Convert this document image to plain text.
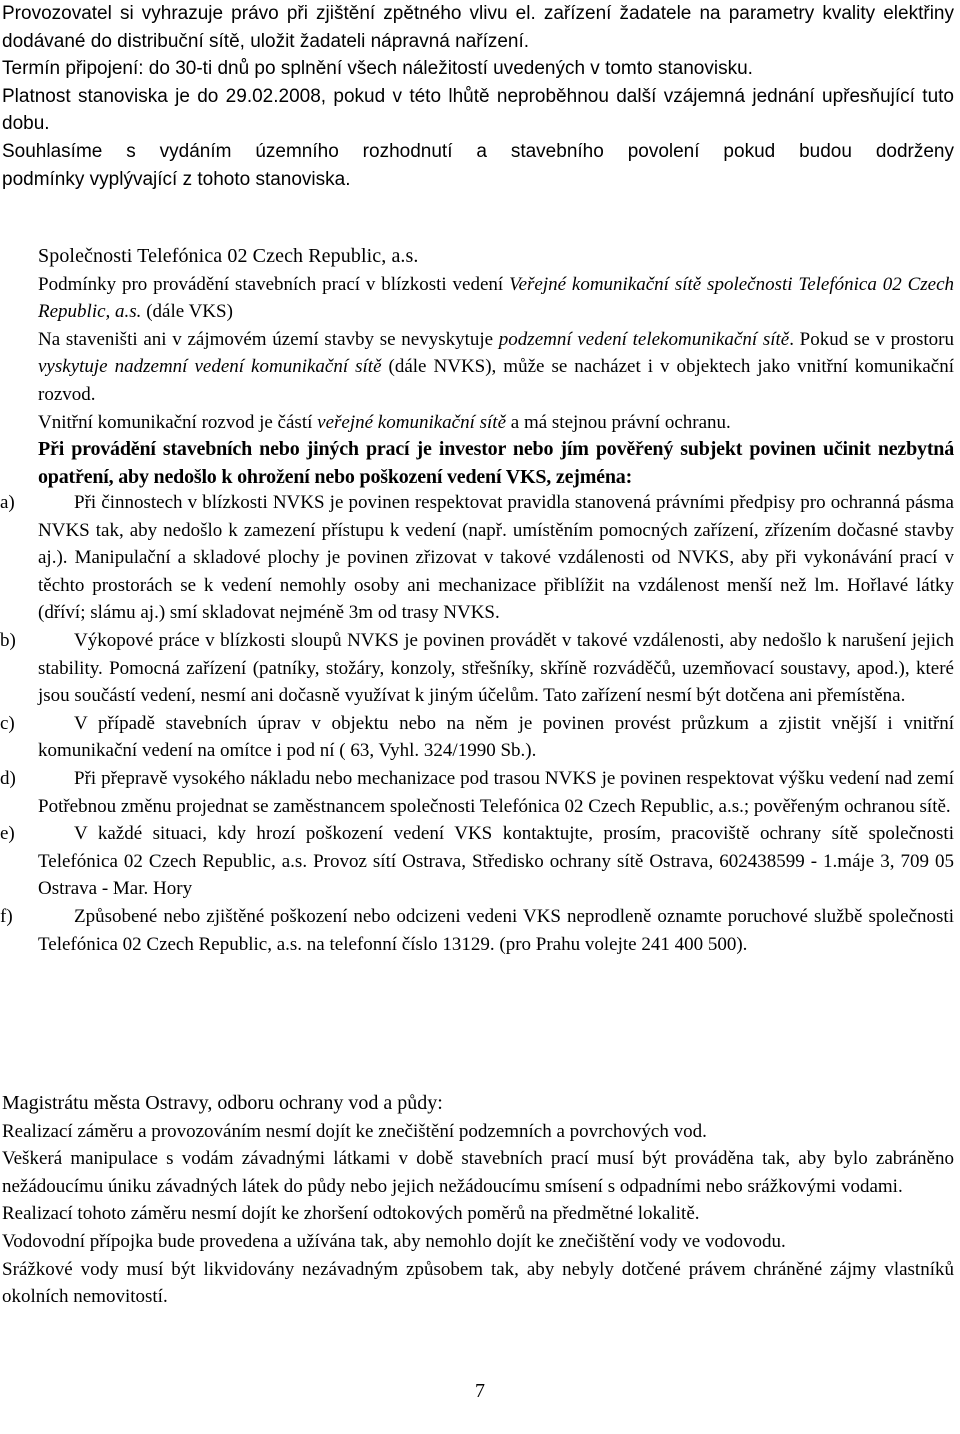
Provozovatel si vyhrazuje právo při zjištění zpětného vlivu el. zařízení žadatele na parametry kvality elektřiny dodávané do distribuční sítě, uložit žadateli nápravná nařízení.

Termín připojení: do 30-ti dnů po splnění všech náležitostí uvedených v tomto stanovisku.

Platnost stanoviska je do 29.02.2008, pokud v této lhůtě neproběhnou další vzájemná jednání upřesňující tuto dobu.

Souhlasíme s vydáním územního rozhodnutí a stavebního povolení pokud budou dodrženy

podmínky vyplývající z tohoto stanoviska.

Společnosti Telefónica 02 Czech Republic, a.s.

Podmínky pro provádění stavebních prací v blízkosti vedení Veřejné komunikační sítě společnosti Telefónica 02 Czech Republic, a.s. (dále VKS)

Na staveništi ani v zájmovém území stavby se nevyskytuje podzemní vedení telekomunikační sítě. Pokud se v prostoru vyskytuje nadzemní vedení komunikační sítě (dále NVKS), může se nacházet i v objektech jako vnitřní komunikační rozvod.

Vnitřní komunikační rozvod je částí veřejné komunikační sítě a má stejnou právní ochranu.

Při provádění stavebních nebo jiných prací je investor nebo jím pověřený subjekt povinen učinit nezbytná opatření, aby nedošlo k ohrožení nebo poškození vedení VKS, zejména:

a)	Při činnostech v blízkosti NVKS je povinen respektovat pravidla stanovená právními předpisy pro ochranná pásma NVKS tak, aby nedošlo k zamezení přístupu k vedení (např. umístěním pomocných zařízení, zřízením dočasné stavby aj.). Manipulační a skladové plochy je povinen zřizovat v takové vzdálenosti od NVKS, aby při vykonávání prací v těchto prostorách se k vedení nemohly osoby ani mechanizace přiblížit na vzdálenost menší než lm. Hořlavé látky (dříví; slámu aj.) smí skladovat nejméně 3m od trasy NVKS.

b)	Výkopové práce v blízkosti sloupů NVKS je povinen provádět v takové vzdálenosti, aby nedošlo k narušení jejich stability. Pomocná zařízení (patníky, stožáry, konzoly, střešníky, skříně rozváděčů, uzemňovací soustavy, apod.), které jsou součástí vedení, nesmí ani dočasně využívat k jiným účelům. Tato zařízení nesmí být dotčena ani přemístěna.

c)	V případě stavebních úprav v objektu nebo na něm je povinen provést průzkum a zjistit vnější i vnitřní komunikační vedení na omítce i pod ní ( 63, Vyhl. 324/1990 Sb.).

d)	Při přepravě vysokého nákladu nebo mechanizace pod trasou NVKS je povinen respektovat výšku vedení nad zemí Potřebnou změnu projednat se zaměstnancem společnosti Telefónica 02 Czech Republic, a.s.; pověřeným ochranou sítě.

e)	V každé situaci, kdy hrozí poškození vedení VKS kontaktujte, prosím, pracoviště ochrany sítě společnosti Telefónica 02 Czech Republic, a.s. Provoz sítí Ostrava, Středisko ochrany sítě Ostrava, 602438599 - 1.máje 3, 709 05 Ostrava - Mar. Hory

f)	Způsobené nebo zjištěné poškození nebo odcizeni vedeni VKS neprodleně oznamte poruchové službě společnosti Telefónica 02 Czech Republic, a.s. na telefonní číslo 13129. (pro Prahu volejte 241 400 500).

Magistrátu města Ostravy, odboru ochrany vod a půdy:

Realizací záměru a provozováním nesmí dojít ke znečištění podzemních a povrchových vod.

Veškerá manipulace s vodám závadnými látkami v době stavebních prací musí být prováděna tak, aby bylo zabráněno nežádoucímu úniku závadných látek do půdy nebo jejich nežádoucímu smísení s odpadními nebo srážkovými vodami.

Realizací tohoto záměru nesmí dojít ke zhoršení odtokových poměrů na předmětné lokalitě.

Vodovodní přípojka bude provedena a užívána tak, aby nemohlo dojít ke znečištění vody ve vodovodu.

Srážkové vody musí být likvidovány nezávadným způsobem tak, aby nebyly dotčené právem chráněné zájmy vlastníků okolních nemovitostí.

7
